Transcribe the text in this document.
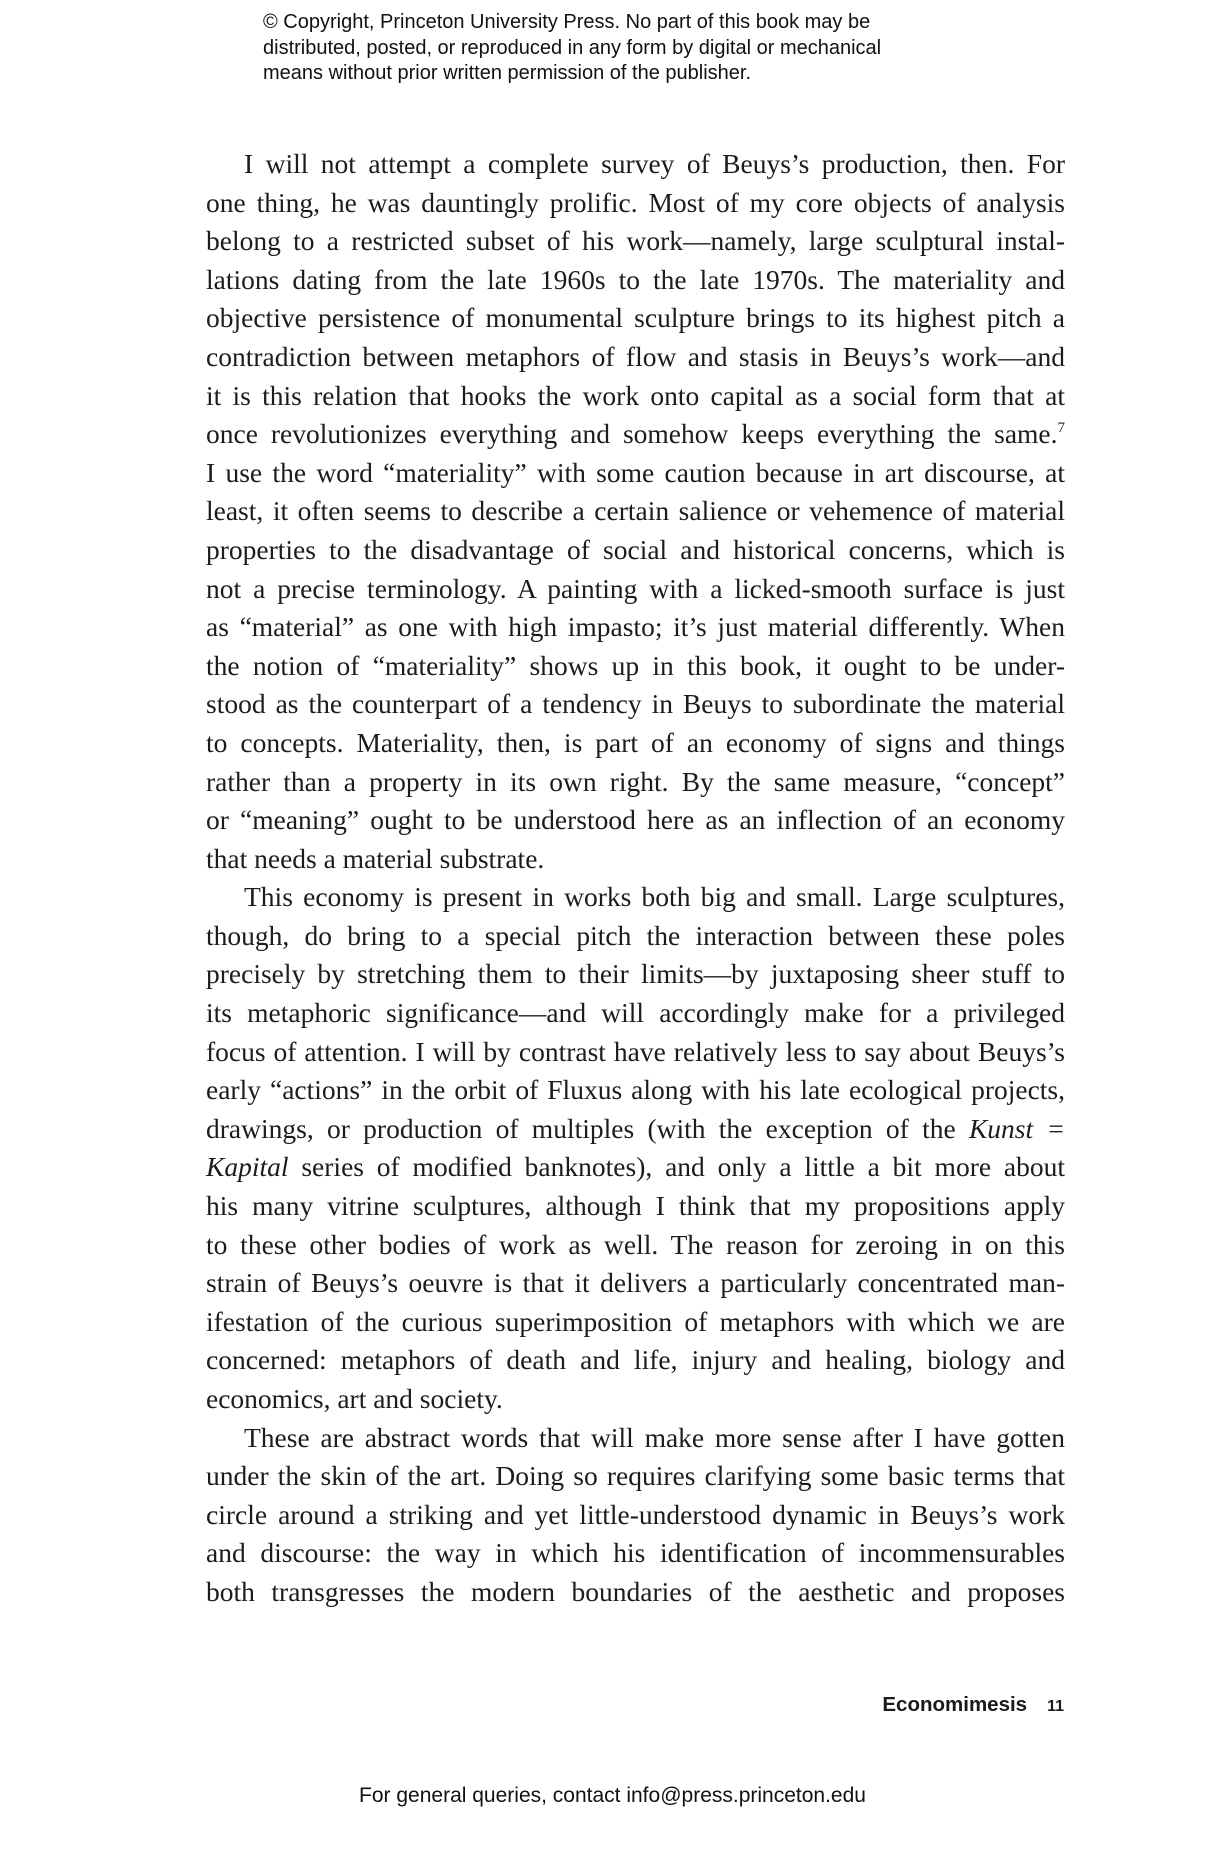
© Copyright, Princeton University Press. No part of this book may be
distributed, posted, or reproduced in any form by digital or mechanical
means without prior written permission of the publisher.
I will not attempt a complete survey of Beuys’s production, then. For
one thing, he was dauntingly prolific. Most of my core objects of analysis
belong to a restricted subset of his work—namely, large sculptural instal-
lations dating from the late 1960s to the late 1970s. The materiality and
objective persistence of monumental sculpture brings to its highest pitch a
contradiction between metaphors of flow and stasis in Beuys’s work—and
it is this relation that hooks the work onto capital as a social form that at
once revolutionizes everything and somehow keeps everything the same.$^7$
I use the word “materiality” with some caution because in art discourse, at
least, it often seems to describe a certain salience or vehemence of material
properties to the disadvantage of social and historical concerns, which is
not a precise terminology. A painting with a licked-smooth surface is just
as “material” as one with high impasto; it’s just material differently. When
the notion of “materiality” shows up in this book, it ought to be under-
stood as the counterpart of a tendency in Beuys to subordinate the material
to concepts. Materiality, then, is part of an economy of signs and things
rather than a property in its own right. By the same measure, “concept”
or “meaning” ought to be understood here as an inflection of an economy
that needs a material substrate.
This economy is present in works both big and small. Large sculptures,
though, do bring to a special pitch the interaction between these poles
precisely by stretching them to their limits—by juxtaposing sheer stuff to
its metaphoric significance—and will accordingly make for a privileged
focus of attention. I will by contrast have relatively less to say about Beuys’s
early “actions” in the orbit of Fluxus along with his late ecological projects,
drawings, or production of multiples (with the exception of the Kunst =
Kapital series of modified banknotes), and only a little a bit more about
his many vitrine sculptures, although I think that my propositions apply
to these other bodies of work as well. The reason for zeroing in on this
strain of Beuys’s oeuvre is that it delivers a particularly concentrated man-
ifestation of the curious superimposition of metaphors with which we are
concerned: metaphors of death and life, injury and healing, biology and
economics, art and society.
These are abstract words that will make more sense after I have gotten
under the skin of the art. Doing so requires clarifying some basic terms that
circle around a striking and yet little-understood dynamic in Beuys’s work
and discourse: the way in which his identification of incommensurables
both transgresses the modern boundaries of the aesthetic and proposes
Economimesis 11
For general queries, contact info@press.princeton.edu
